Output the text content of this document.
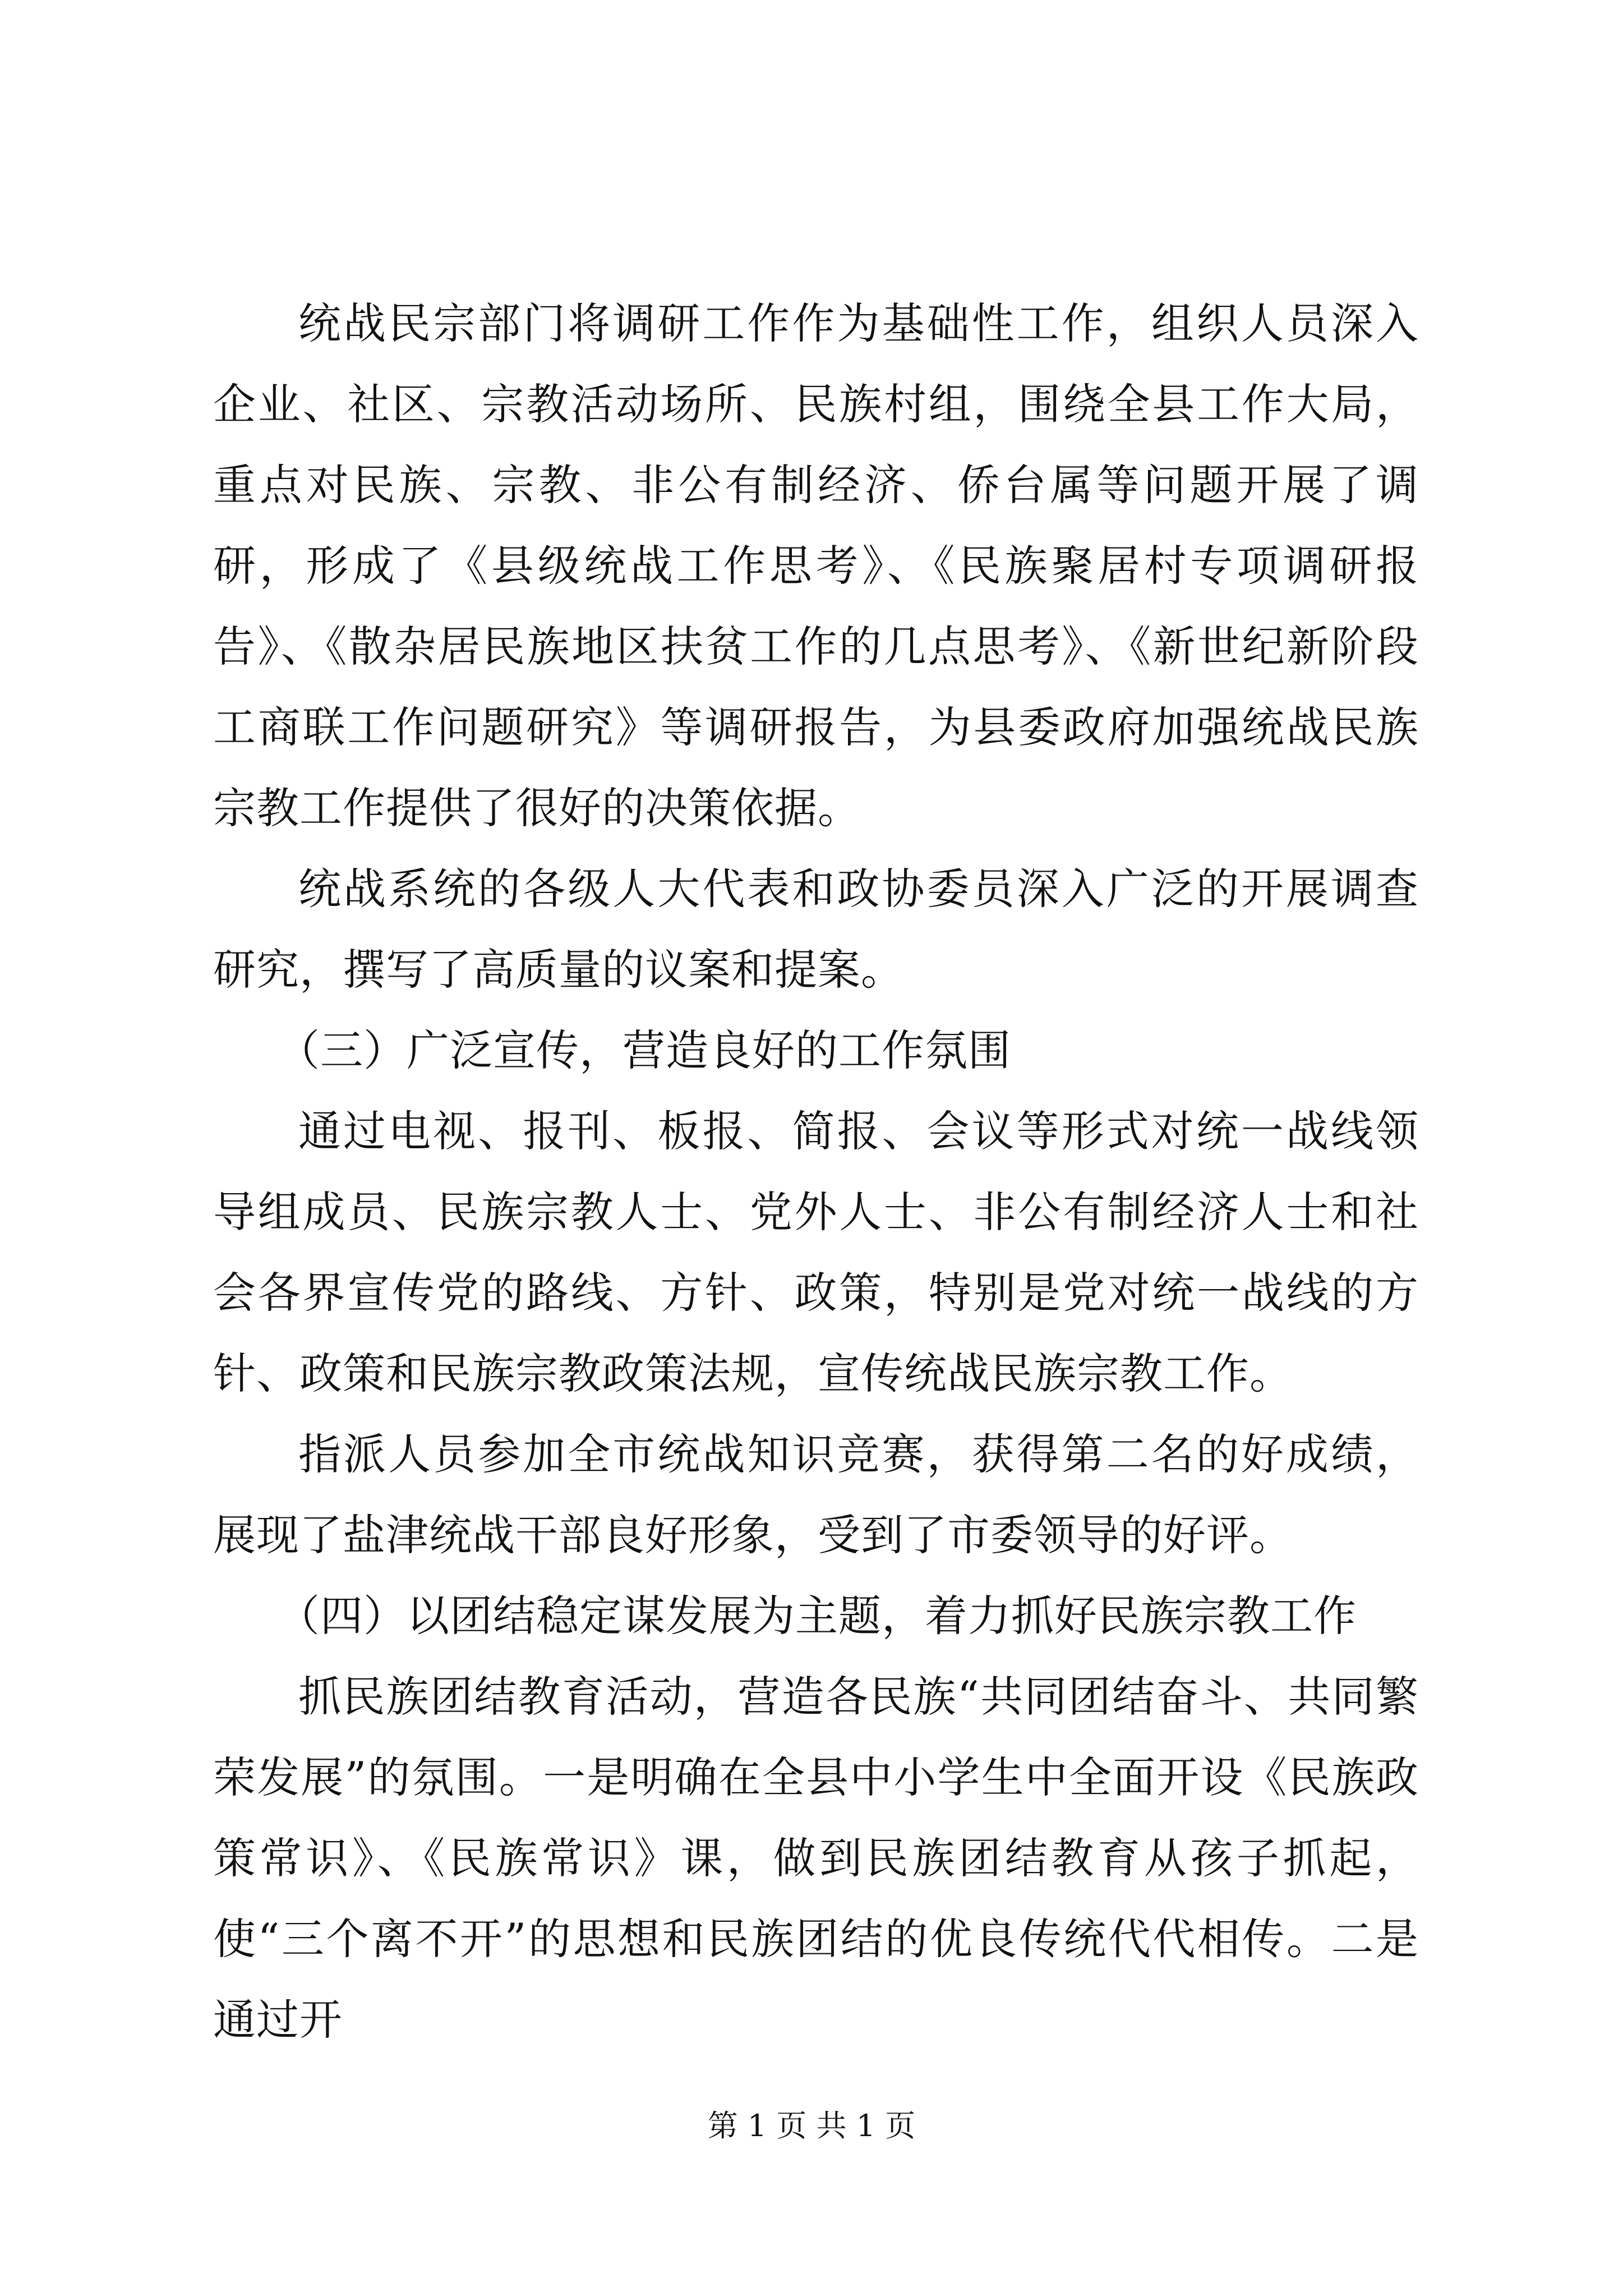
统战民宗部门将调研工作作为基础性工作，组织人员深入企业、社区、宗教活动场所、民族村组，围绕全县工作大局，重点对民族、宗教、非公有制经济、侨台属等问题开展了调研，形成了《县级统战工作思考》、《民族聚居村专项调研报告》、《散杂居民族地区扶贫工作的几点思考》、《新世纪新阶段工商联工作问题研究》等调研报告，为县委政府加强统战民族宗教工作提供了很好的决策依据。

统战系统的各级人大代表和政协委员深入广泛的开展调查研究，撰写了高质量的议案和提案。

（三）广泛宣传，营造良好的工作氛围

通过电视、报刊、板报、简报、会议等形式对统一战线领导组成员、民族宗教人士、党外人士、非公有制经济人士和社会各界宣传党的路线、方针、政策，特别是党对统一战线的方针、政策和民族宗教政策法规，宣传统战民族宗教工作。

指派人员参加全市统战知识竞赛，获得第二名的好成绩，展现了盐津统战干部良好形象，受到了市委领导的好评。

（四）以团结稳定谋发展为主题，着力抓好民族宗教工作

抓民族团结教育活动，营造各民族“共同团结奋斗、共同繁荣发展”的氛围。一是明确在全县中小学生中全面开设《民族政策常识》、《民族常识》课，做到民族团结教育从孩子抓起，使“三个离不开”的思想和民族团结的优良传统代代相传。二是通过开

第 1 页 共 1 页
